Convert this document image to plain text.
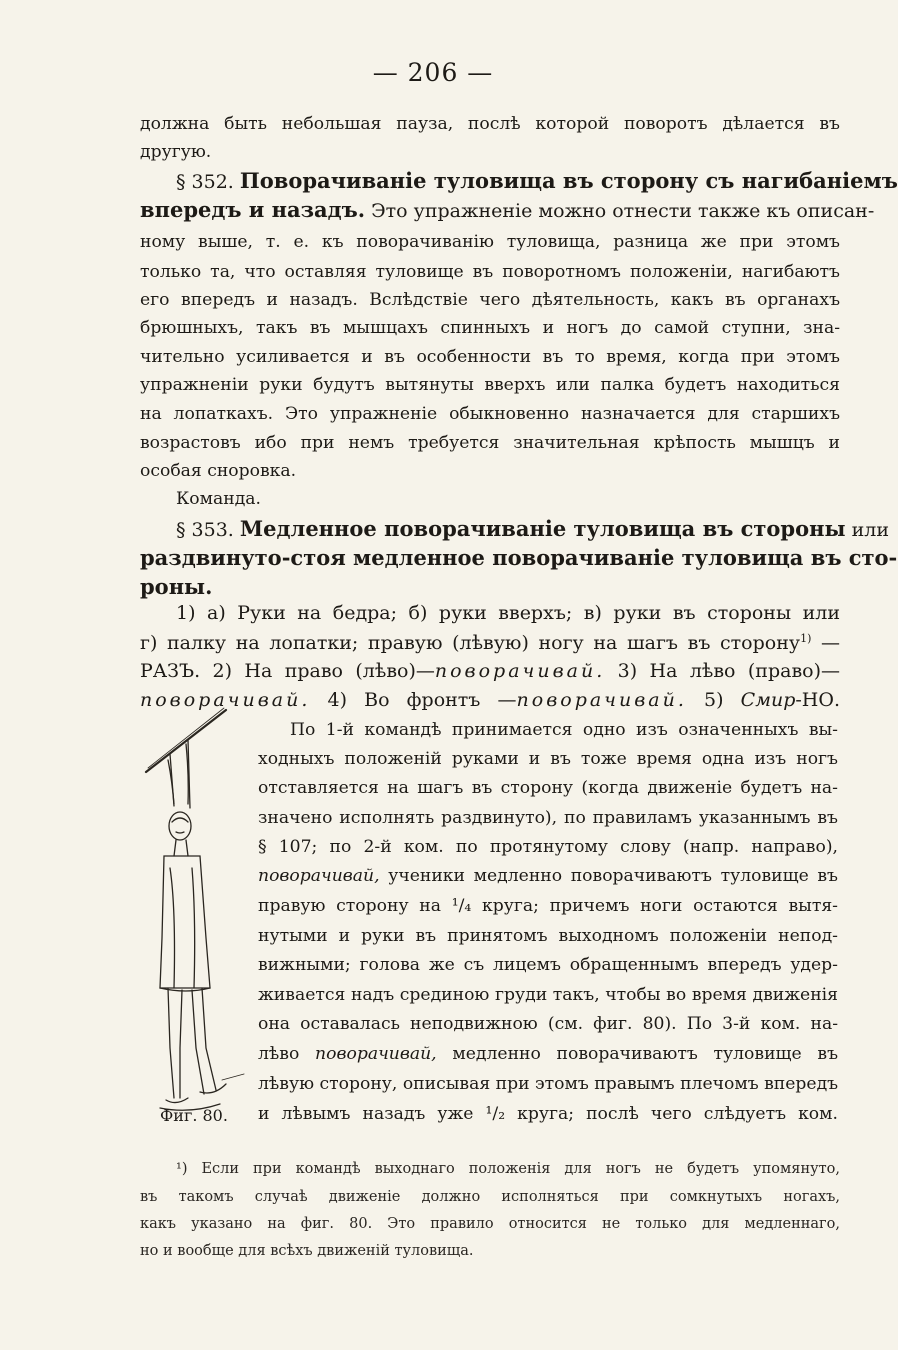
— 206 —
должна быть небольшая пауза, послѣ которой поворотъ дѣлается въ
другую.
§ 352. Поворачиванiе туловища въ сторону съ нагибанiемъ
впередъ и назадъ. Это упражненiе можно отнести также къ описан-
ному выше, т. е. къ поворачиванiю туловища, разница же при этомъ
только та, что оставляя туловище въ поворотномъ положенiи, нагибаютъ
его впередъ и назадъ. Вслѣдствiе чего дѣятельность, какъ въ органахъ
брюшныхъ, такъ въ мышцахъ спинныхъ и ногъ до самой ступни, зна-
чительно усиливается и въ особенности въ то время, когда при этомъ
упражненiи руки будутъ вытянуты вверхъ или палка будетъ находиться
на лопаткахъ. Это упражненiе обыкновенно назначается для старшихъ
возрастовъ ибо при немъ требуется значительная крѣпость мышцъ и
особая сноровка.
Команда.
§ 353. Медленное поворачиванiе туловища въ стороны или
раздвинуто-стоя медленное поворачиванiе туловища въ сто-
роны.
1) а) Руки на бедра; б) руки вверхъ; в) руки въ стороны или
г) палку на лопатки; правую (лѣвую) ногу на шагъ въ сторону$^{1)}$ —
РАЗЪ. 2) На право (лѣво)—поворачивай. 3) На лѣво (право)—
поворачивай. 4) Во фронтъ —поворачивай. 5) Смир-НО.
По 1-й командѣ принимается одно изъ означенныхъ вы-
ходныхъ положенiй руками и въ тоже время одна изъ ногъ
отставляется на шагъ въ сторону (когда движенiе будетъ на-
значено исполнять раздвинуто), по правиламъ указаннымъ въ
§ 107; по 2-й ком. по протянутому слову (напр. направо),
поворачивай, ученики медленно поворачиваютъ туловище въ
правую сторону на ¹/₄ круга; причемъ ноги остаются вытя-
нутыми и руки въ принятомъ выходномъ положенiи непод-
вижными; голова же съ лицемъ обращеннымъ впередъ удер-
живается надъ срединою груди такъ, чтобы во время движенiя
она оставалась неподвижною (см. фиг. 80). По 3-й ком. на-
лѣво поворачивай, медленно поворачиваютъ туловище въ
лѣвую сторону, описывая при этомъ правымъ плечомъ впередъ
и лѣвымъ назадъ уже ¹/₂ круга; послѣ чего слѣдуетъ ком.
¹) Если при командѣ выходнаго положенiя для ногъ не будетъ упомянуто,
въ такомъ случаѣ движенiе должно исполняться при сомкнутыхъ ногахъ,
какъ указано на фиг. 80. Это правило относится не только для медленнаго,
но и вообще для всѣхъ движенiй туловища.
Фиг. 80.
